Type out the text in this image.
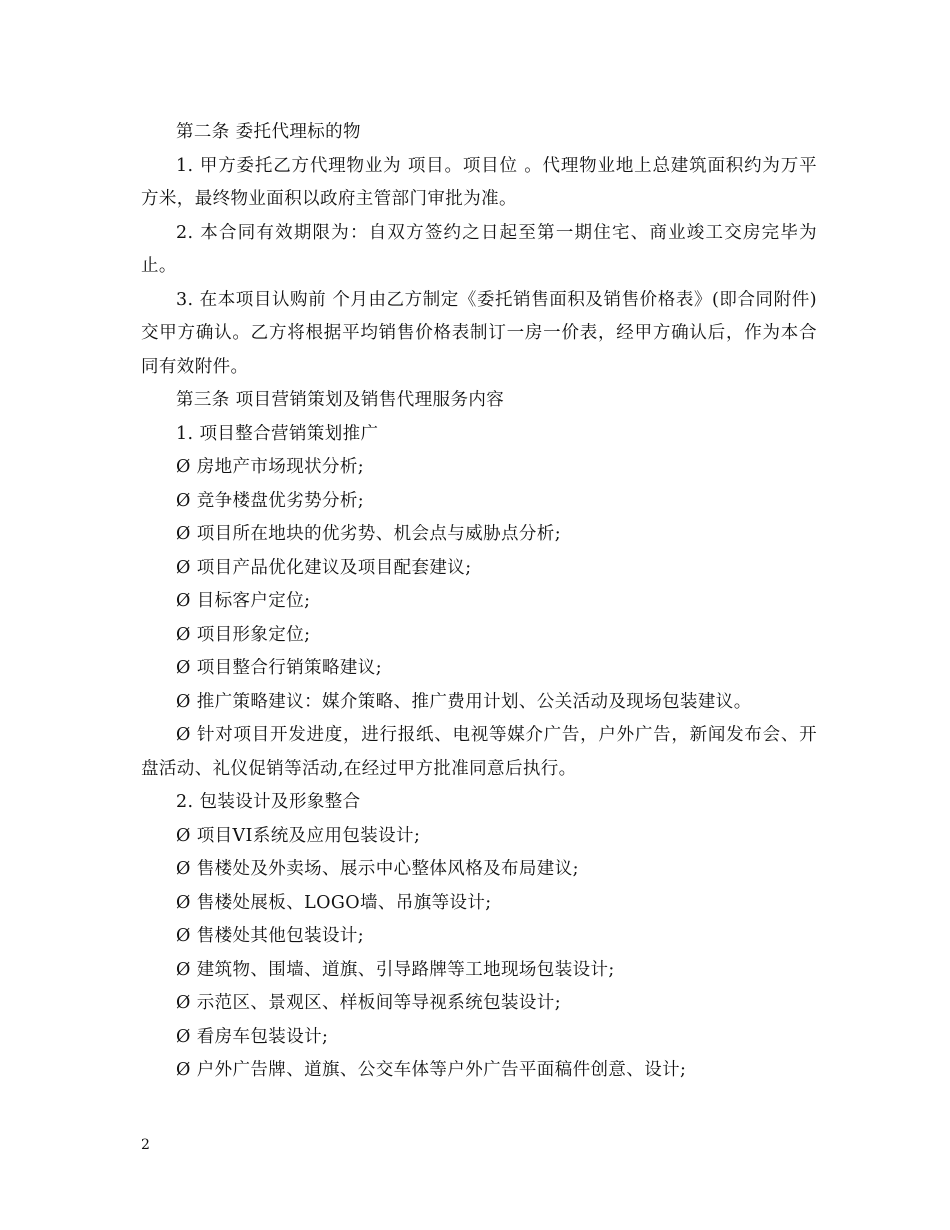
第二条 委托代理标的物

1. 甲方委托乙方代理物业为 项目。项目位 。代理物业地上总建筑面积约为万平方米，最终物业面积以政府主管部门审批为准。

2. 本合同有效期限为：自双方签约之日起至第一期住宅、商业竣工交房完毕为止。

3. 在本项目认购前 个月由乙方制定《委托销售面积及销售价格表》(即合同附件)交甲方确认。乙方将根据平均销售价格表制订一房一价表，经甲方确认后，作为本合同有效附件。

第三条 项目营销策划及销售代理服务内容

1. 项目整合营销策划推广

Ø 房地产市场现状分析;

Ø 竞争楼盘优劣势分析;

Ø 项目所在地块的优劣势、机会点与威胁点分析;

Ø 项目产品优化建议及项目配套建议;

Ø 目标客户定位;

Ø 项目形象定位;

Ø 项目整合行销策略建议;

Ø 推广策略建议：媒介策略、推广费用计划、公关活动及现场包装建议。

Ø 针对项目开发进度，进行报纸、电视等媒介广告，户外广告，新闻发布会、开盘活动、礼仪促销等活动,在经过甲方批准同意后执行。

2. 包装设计及形象整合

Ø 项目VI系统及应用包装设计;

Ø 售楼处及外卖场、展示中心整体风格及布局建议;

Ø 售楼处展板、LOGO墙、吊旗等设计;

Ø 售楼处其他包装设计;

Ø 建筑物、围墙、道旗、引导路牌等工地现场包装设计;

Ø 示范区、景观区、样板间等导视系统包装设计;

Ø 看房车包装设计;

Ø 户外广告牌、道旗、公交车体等户外广告平面稿件创意、设计;

2
